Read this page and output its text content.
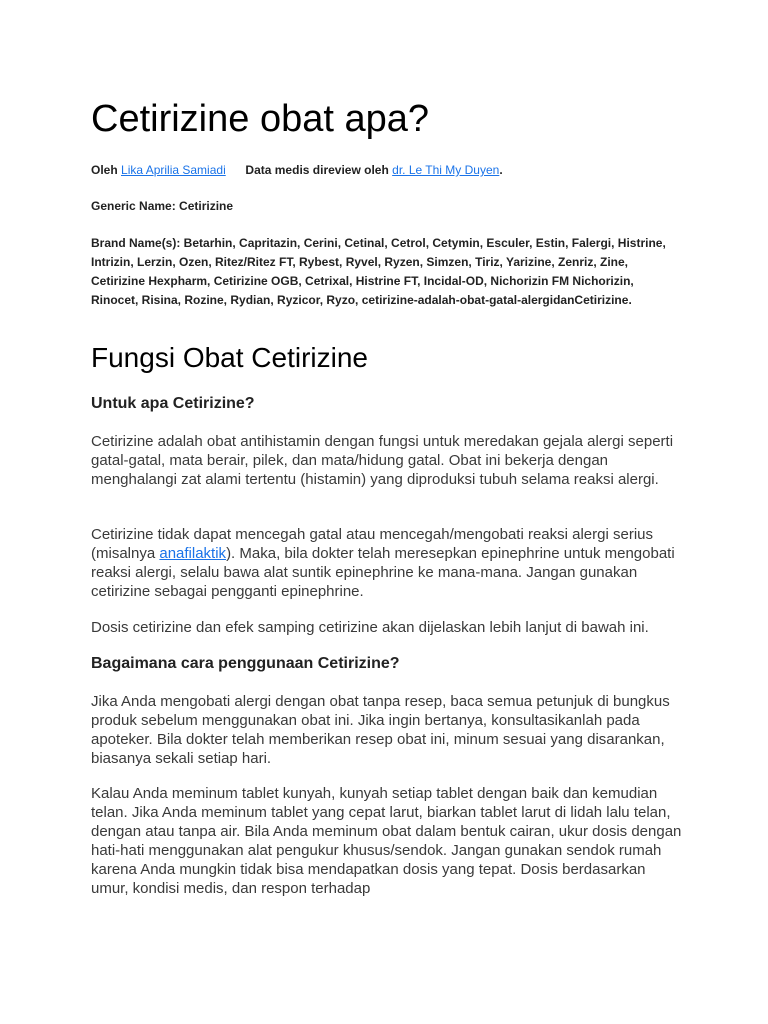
Cetirizine obat apa?
Oleh Lika Aprilia Samiadi Data medis direview oleh dr. Le Thi My Duyen.
Generic Name: Cetirizine
Brand Name(s): Betarhin, Capritazin, Cerini, Cetinal, Cetrol, Cetymin, Esculer, Estin, Falergi, Histrine, Intrizin, Lerzin, Ozen, Ritez/Ritez FT, Rybest, Ryvel, Ryzen, Simzen, Tiriz, Yarizine, Zenriz, Zine, Cetirizine Hexpharm, Cetirizine OGB, Cetrixal, Histrine FT, Incidal-OD, Nichorizin FM Nichorizin, Rinocet, Risina, Rozine, Rydian, Ryzicor, Ryzo, cetirizine-adalah-obat-gatal-alergidanCetirizine.
Fungsi Obat Cetirizine
Untuk apa Cetirizine?

Cetirizine adalah obat antihistamin dengan fungsi untuk meredakan gejala alergi seperti gatal-gatal, mata berair, pilek, dan mata/hidung gatal. Obat ini bekerja dengan menghalangi zat alami tertentu (histamin) yang diproduksi tubuh selama reaksi alergi.

Cetirizine tidak dapat mencegah gatal atau mencegah/mengobati reaksi alergi serius (misalnya anafilaktik). Maka, bila dokter telah meresepkan epinephrine untuk mengobati reaksi alergi, selalu bawa alat suntik epinephrine ke mana-mana. Jangan gunakan cetirizine sebagai pengganti epinephrine.

Dosis cetirizine dan efek samping cetirizine akan dijelaskan lebih lanjut di bawah ini.

Bagaimana cara penggunaan Cetirizine?

Jika Anda mengobati alergi dengan obat tanpa resep, baca semua petunjuk di bungkus produk sebelum menggunakan obat ini. Jika ingin bertanya, konsultasikanlah pada apoteker. Bila dokter telah memberikan resep obat ini, minum sesuai yang disarankan, biasanya sekali setiap hari.

Kalau Anda meminum tablet kunyah, kunyah setiap tablet dengan baik dan kemudian telan. Jika Anda meminum tablet yang cepat larut, biarkan tablet larut di lidah lalu telan, dengan atau tanpa air. Bila Anda meminum obat dalam bentuk cairan, ukur dosis dengan hati-hati menggunakan alat pengukur khusus/sendok. Jangan gunakan sendok rumah karena Anda mungkin tidak bisa mendapatkan dosis yang tepat. Dosis berdasarkan umur, kondisi medis, dan respon terhadap
